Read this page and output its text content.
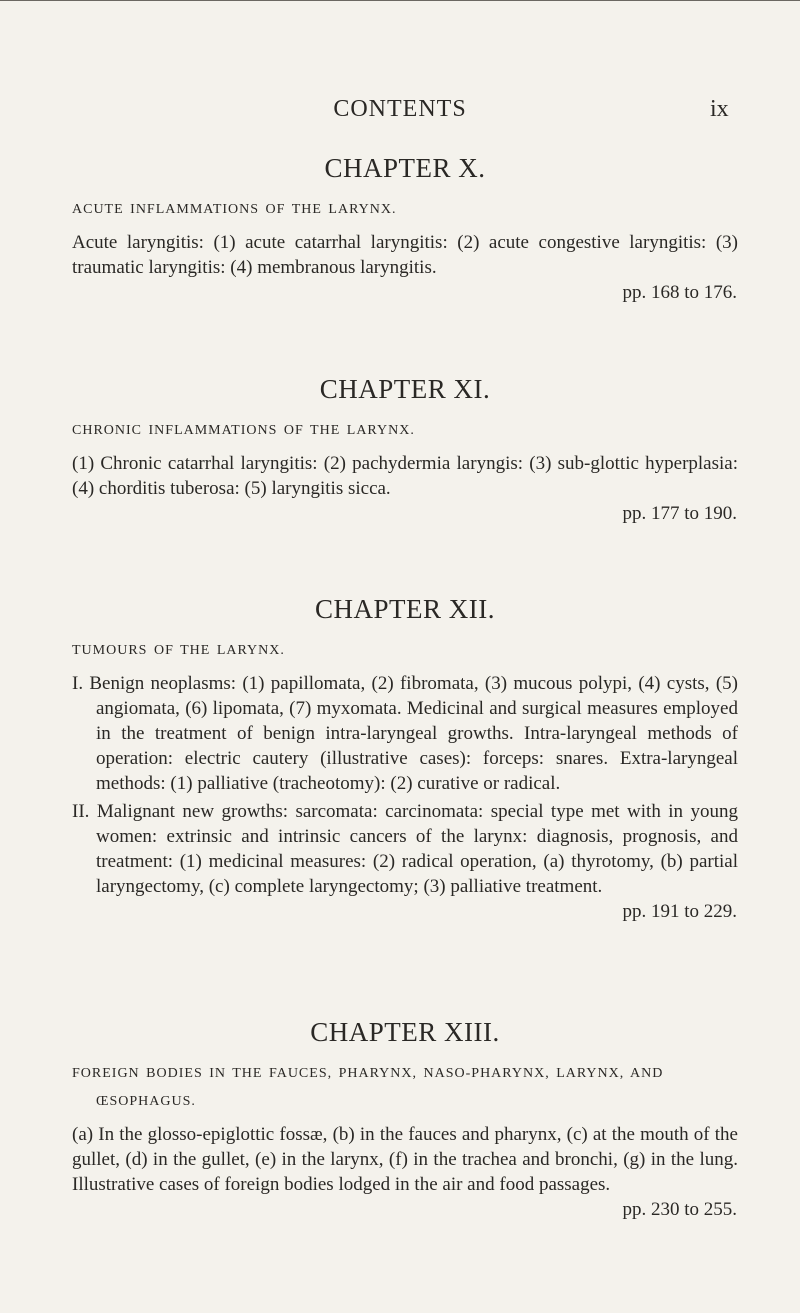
CONTENTS	ix
CHAPTER X.

ACUTE INFLAMMATIONS OF THE LARYNX.

Acute laryngitis: (1) acute catarrhal laryngitis: (2) acute congestive laryngitis: (3) traumatic laryngitis: (4) membranous laryngitis.

pp. 168 to 176.
CHAPTER XI.

CHRONIC INFLAMMATIONS OF THE LARYNX.

(1) Chronic catarrhal laryngitis: (2) pachydermia laryngis: (3) sub-glottic hyperplasia: (4) chorditis tuberosa: (5) laryngitis sicca.

pp. 177 to 190.
CHAPTER XII.

TUMOURS OF THE LARYNX.

I. Benign neoplasms: (1) papillomata, (2) fibromata, (3) mucous polypi, (4) cysts, (5) angiomata, (6) lipomata, (7) myxomata. Medicinal and surgical measures employed in the treatment of benign intra-laryngeal growths. Intra-laryngeal methods of operation: electric cautery (illustrative cases): forceps: snares. Extra-laryngeal methods: (1) palliative (tracheotomy): (2) curative or radical.

II. Malignant new growths: sarcomata: carcinomata: special type met with in young women: extrinsic and intrinsic cancers of the larynx: diagnosis, prognosis, and treatment: (1) medicinal measures: (2) radical operation, (a) thyrotomy, (b) partial laryngectomy, (c) complete laryngectomy; (3) palliative treatment.

pp. 191 to 229.
CHAPTER XIII.

FOREIGN BODIES IN THE FAUCES, PHARYNX, NASO-PHARYNX, LARYNX, AND ŒSOPHAGUS.

(a) In the glosso-epiglottic fossæ, (b) in the fauces and pharynx, (c) at the mouth of the gullet, (d) in the gullet, (e) in the larynx, (f) in the trachea and bronchi, (g) in the lung. Illustrative cases of foreign bodies lodged in the air and food passages.

pp. 230 to 255.
